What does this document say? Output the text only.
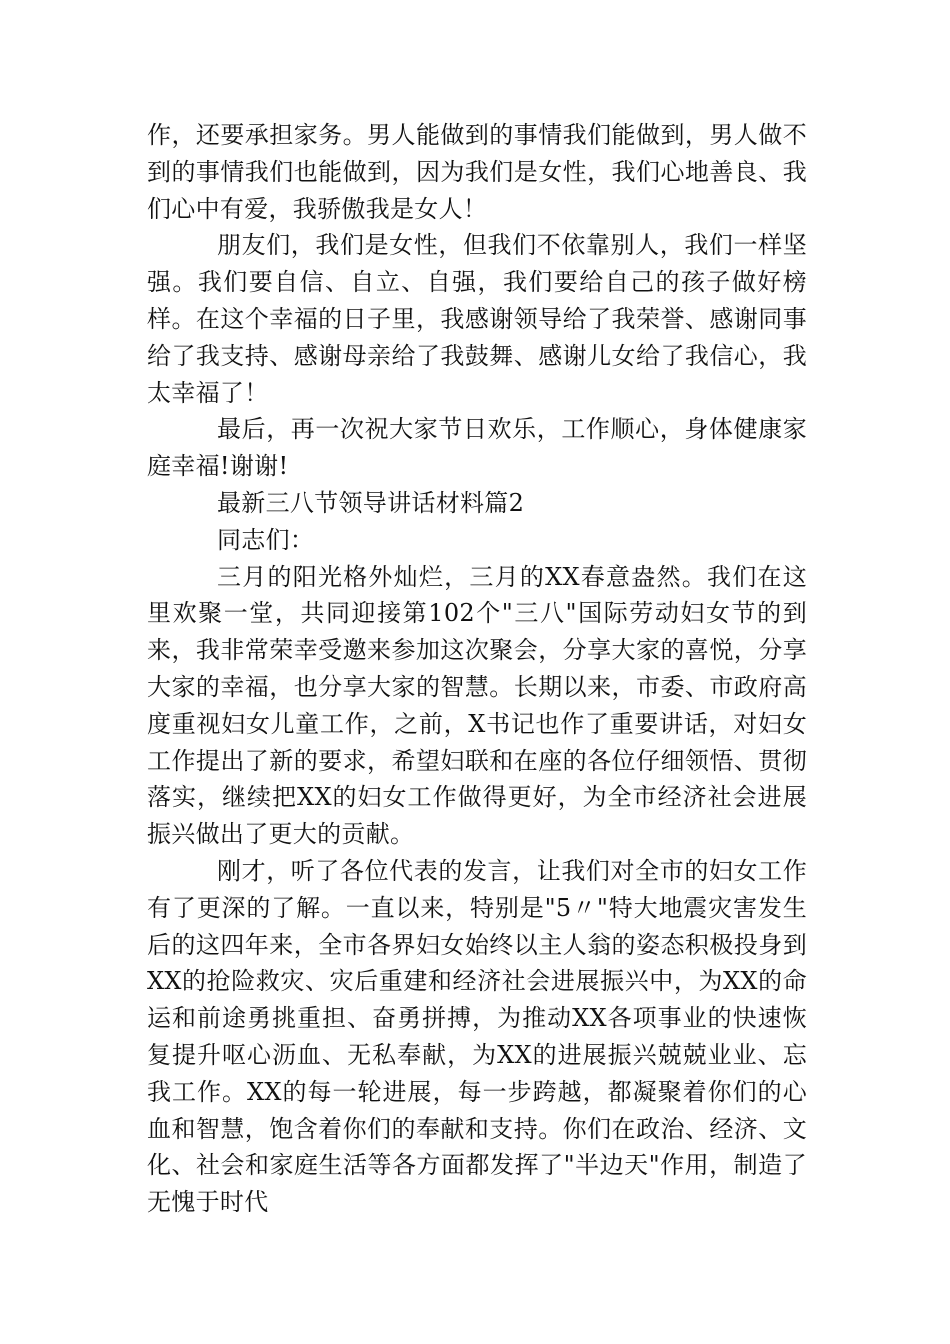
作，还要承担家务。男人能做到的事情我们能做到，男人做不到的事情我们也能做到，因为我们是女性，我们心地善良、我们心中有爱，我骄傲我是女人！

朋友们，我们是女性，但我们不依靠别人，我们一样坚强。我们要自信、自立、自强，我们要给自己的孩子做好榜样。在这个幸福的日子里，我感谢领导给了我荣誉、感谢同事给了我支持、感谢母亲给了我鼓舞、感谢儿女给了我信心，我太幸福了！

最后，再一次祝大家节日欢乐，工作顺心，身体健康家庭幸福!谢谢!

最新三八节领导讲话材料篇2

同志们：

三月的阳光格外灿烂，三月的XX春意盎然。我们在这里欢聚一堂，共同迎接第102个"三八"国际劳动妇女节的到来，我非常荣幸受邀来参加这次聚会，分享大家的喜悦，分享大家的幸福，也分享大家的智慧。长期以来，市委、市政府高度重视妇女儿童工作，之前，X书记也作了重要讲话，对妇女工作提出了新的要求，希望妇联和在座的各位仔细领悟、贯彻落实，继续把XX的妇女工作做得更好，为全市经济社会进展振兴做出了更大的贡献。

刚才，听了各位代表的发言，让我们对全市的妇女工作有了更深的了解。一直以来，特别是"5〃"特大地震灾害发生后的这四年来，全市各界妇女始终以主人翁的姿态积极投身到XX的抢险救灾、灾后重建和经济社会进展振兴中，为XX的命运和前途勇挑重担、奋勇拼搏，为推动XX各项事业的快速恢复提升呕心沥血、无私奉献，为XX的进展振兴兢兢业业、忘我工作。XX的每一轮进展，每一步跨越，都凝聚着你们的心血和智慧，饱含着你们的奉献和支持。你们在政治、经济、文化、社会和家庭生活等各方面都发挥了"半边天"作用，制造了无愧于时代
